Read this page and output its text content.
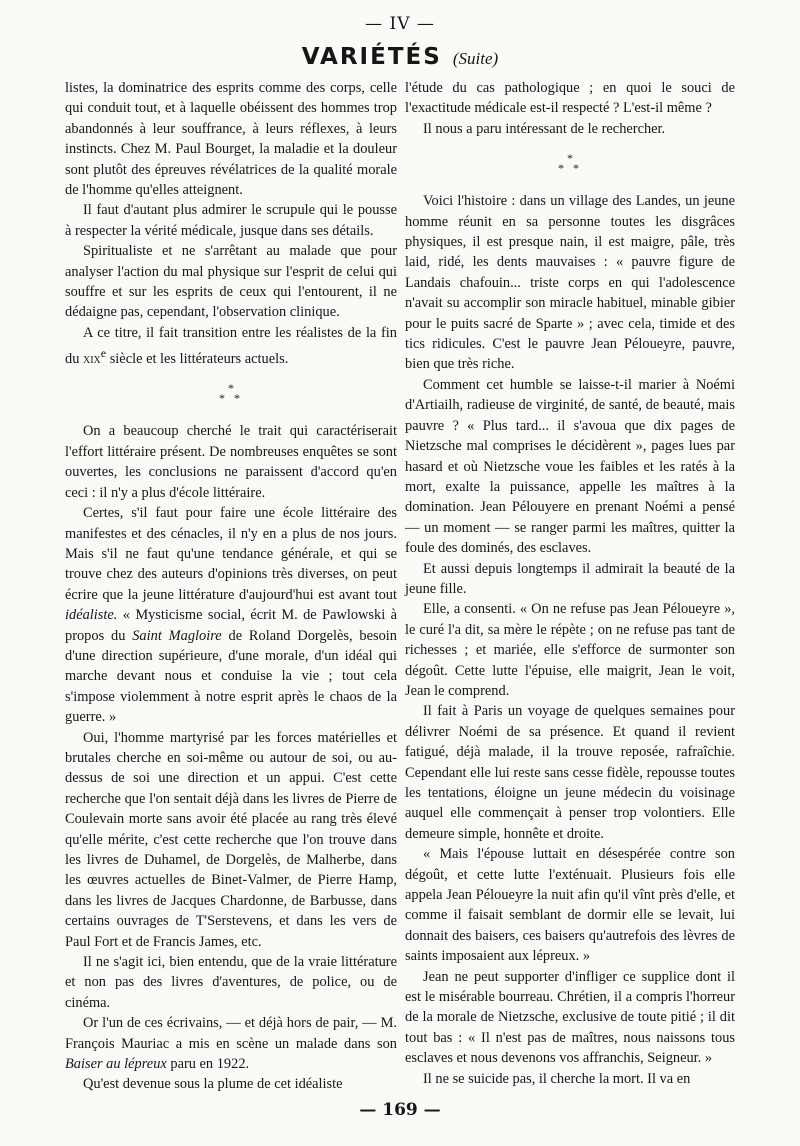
— IV —
VARIÉTÉS (Suite)

listes, la dominatrice des esprits comme des corps, celle qui conduit tout, et à laquelle obéissent des hommes trop abandonnés à leur souffrance, à leurs réflexes, à leurs instincts. Chez M. Paul Bourget, la maladie et la douleur sont plutôt des épreuves révélatrices de la qualité morale de l'homme qu'elles atteignent.

Il faut d'autant plus admirer le scrupule qui le pousse à respecter la vérité médicale, jusque dans ses détails.

Spiritualiste et ne s'arrêtant au malade que pour analyser l'action du mal physique sur l'esprit de celui qui souffre et sur les esprits de ceux qui l'entourent, il ne dédaigne pas, cependant, l'observation clinique.

A ce titre, il fait transition entre les réalistes de la fin du xix$^e$ siècle et les littérateurs actuels.

*
* *

On a beaucoup cherché le trait qui caractériserait l'effort littéraire présent. De nombreuses enquêtes se sont ouvertes, les conclusions ne paraissent d'accord qu'en ceci : il n'y a plus d'école littéraire.

Certes, s'il faut pour faire une école littéraire des manifestes et des cénacles, il n'y en a plus de nos jours. Mais s'il ne faut qu'une tendance générale, et qui se trouve chez des auteurs d'opinions très diverses, on peut écrire que la jeune littérature d'aujourd'hui est avant tout idéaliste. « Mysticisme social, écrit M. de Pawlowski à propos du Saint Magloire de Roland Dorgelès, besoin d'une direction supérieure, d'une morale, d'un idéal qui marche devant nous et conduise la vie ; tout cela s'impose violemment à notre esprit après le chaos de la guerre. »

Oui, l'homme martyrisé par les forces matérielles et brutales cherche en soi-même ou autour de soi, ou au-dessus de soi une direction et un appui. C'est cette recherche que l'on sentait déjà dans les livres de Pierre de Coulevain morte sans avoir été placée au rang très élevé qu'elle mérite, c'est cette recherche que l'on trouve dans les livres de Duhamel, de Dorgelès, de Malherbe, dans les œuvres actuelles de Binet-Valmer, de Pierre Hamp, dans les livres de Jacques Chardonne, de Barbusse, dans certains ouvrages de T'Serstevens, et dans les vers de Paul Fort et de Francis James, etc.

Il ne s'agit ici, bien entendu, que de la vraie littérature et non pas des livres d'aventures, de police, ou de cinéma.

Or l'un de ces écrivains, — et déjà hors de pair, — M. François Mauriac a mis en scène un malade dans son Baiser au lépreux paru en 1922.

Qu'est devenue sous la plume de cet idéaliste

l'étude du cas pathologique ; en quoi le souci de l'exactitude médicale est-il respecté ? L'est-il même ?

Il nous a paru intéressant de le rechercher.

*
* *

Voici l'histoire : dans un village des Landes, un jeune homme réunit en sa personne toutes les disgrâces physiques, il est presque nain, il est maigre, pâle, très laid, ridé, les dents mauvaises : « pauvre figure de Landais chafouin... triste corps en qui l'adolescence n'avait su accomplir son miracle habituel, minable gibier pour le puits sacré de Sparte » ; avec cela, timide et des tics ridicules. C'est le pauvre Jean Péloueyre, pauvre, bien que très riche.

Comment cet humble se laisse-t-il marier à Noémi d'Artiailh, radieuse de virginité, de santé, de beauté, mais pauvre ? « Plus tard... il s'avoua que dix pages de Nietzsche mal comprises le décidèrent », pages lues par hasard et où Nietzsche voue les faibles et les ratés à la mort, exalte la puissance, appelle les maîtres à la domination. Jean Pélouyere en prenant Noémi a pensé — un moment — se ranger parmi les maîtres, quitter la foule des dominés, des esclaves.

Et aussi depuis longtemps il admirait la beauté de la jeune fille.

Elle, a consenti. « On ne refuse pas Jean Péloueyre », le curé l'a dit, sa mère le répète ; on ne refuse pas tant de richesses ; et mariée, elle s'efforce de surmonter son dégoût. Cette lutte l'épuise, elle maigrit, Jean le voit, Jean le comprend.

Il fait à Paris un voyage de quelques semaines pour délivrer Noémi de sa présence. Et quand il revient fatigué, déjà malade, il la trouve reposée, rafraîchie. Cependant elle lui reste sans cesse fidèle, repousse toutes les tentations, éloigne un jeune médecin du voisinage auquel elle commençait à penser trop volontiers. Elle demeure simple, honnête et droite.

« Mais l'épouse luttait en désespérée contre son dégoût, et cette lutte l'exténuait. Plusieurs fois elle appela Jean Péloueyre la nuit afin qu'il vînt près d'elle, et comme il faisait semblant de dormir elle se levait, lui donnait des baisers, ces baisers qu'autrefois des lèvres de saints imposaient aux lépreux. »

Jean ne peut supporter d'infliger ce supplice dont il est le misérable bourreau. Chrétien, il a compris l'horreur de la morale de Nietzsche, exclusive de toute pitié ; il dit tout bas : « Il n'est pas de maîtres, nous naissons tous esclaves et nous devenons vos affranchis, Seigneur. »

Il ne se suicide pas, il cherche la mort. Il va en

— 169 —
